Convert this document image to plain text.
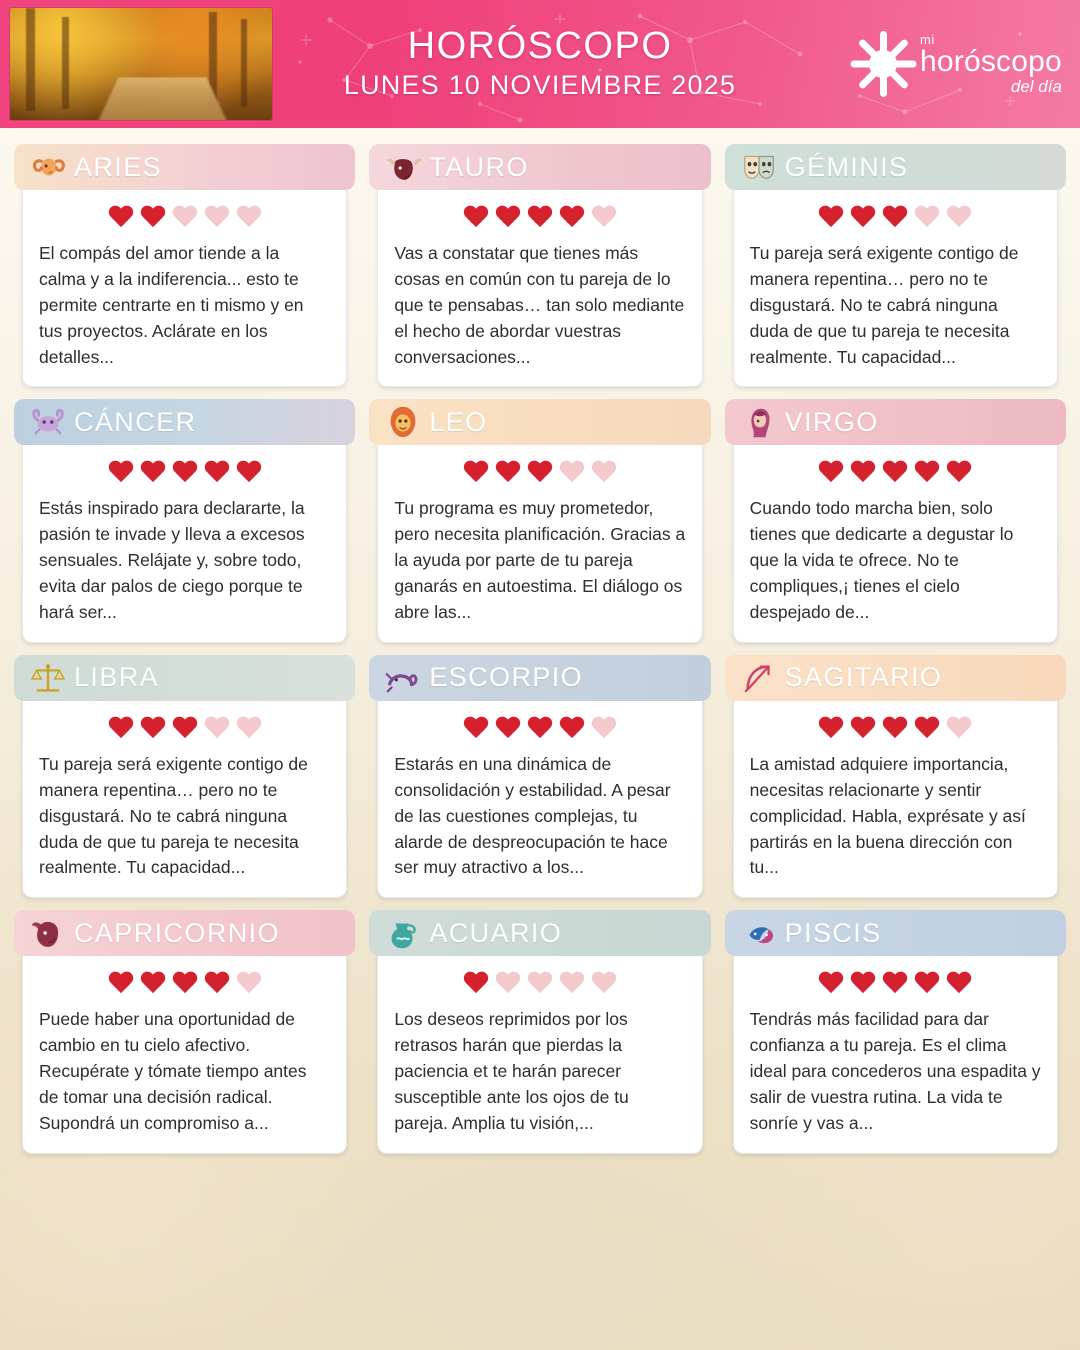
HORÓSCOPO
LUNES 10 NOVIEMBRE 2025
mi
horóscopo
del día
ARIES
El compás del amor tiende a la calma y a la indiferencia... esto te permite centrarte en ti mismo y en tus proyectos. Aclárate en los detalles...
TAURO
Vas a constatar que tienes más cosas en común con tu pareja de lo que te pensabas… tan solo mediante el hecho de abordar vuestras conversaciones...
GÉMINIS
Tu pareja será exigente contigo de manera repentina… pero no te disgustará. No te cabrá ninguna duda de que tu pareja te necesita realmente. Tu capacidad...
CÁNCER
Estás inspirado para declararte, la pasión te invade y lleva a excesos sensuales. Relájate y, sobre todo, evita dar palos de ciego porque te hará ser...
LEO
Tu programa es muy prometedor, pero necesita planificación. Gracias a la ayuda por parte de tu pareja ganarás en autoestima. El diálogo os abre las...
VIRGO
Cuando todo marcha bien, solo tienes que dedicarte a degustar lo que la vida te ofrece. No te compliques,¡ tienes el cielo despejado de...
LIBRA
Tu pareja será exigente contigo de manera repentina… pero no te disgustará. No te cabrá ninguna duda de que tu pareja te necesita realmente. Tu capacidad...
ESCORPIO
Estarás en una dinámica de consolidación y estabilidad. A pesar de las cuestiones complejas, tu alarde de despreocupación te hace ser muy atractivo a los...
SAGITARIO
La amistad adquiere importancia, necesitas relacionarte y sentir complicidad. Habla, exprésate y así partirás en la buena dirección con tu...
CAPRICORNIO
Puede haber una oportunidad de cambio en tu cielo afectivo. Recupérate y tómate tiempo antes de tomar una decisión radical. Supondrá un compromiso a...
ACUARIO
Los deseos reprimidos por los retrasos harán que pierdas la paciencia et te harán parecer susceptible ante los ojos de tu pareja. Amplia tu visión,...
PISCIS
Tendrás más facilidad para dar confianza a tu pareja. Es el clima ideal para concederos una espadita y salir de vuestra rutina. La vida te sonríe y vas a...
